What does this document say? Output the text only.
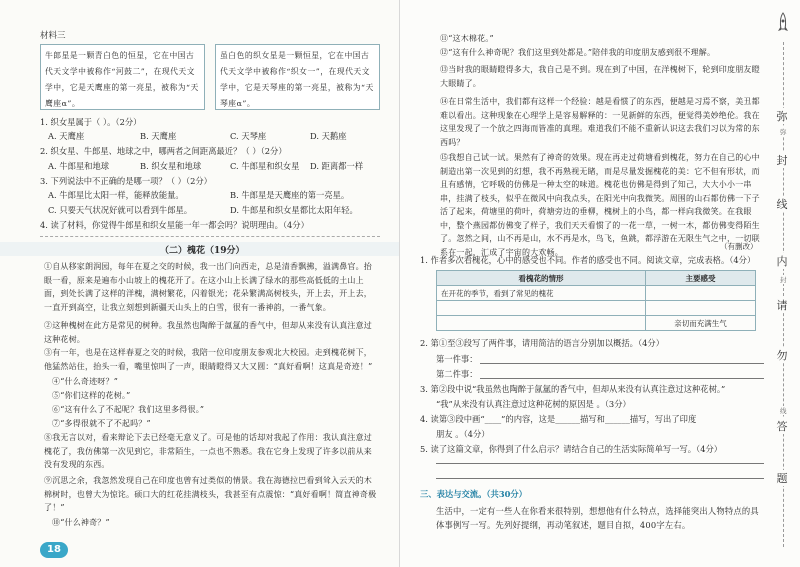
材料三
牛郎星是一颗青白色的恒星，它在中国古代天文学中被称作“河鼓二”，在现代天文学中，它是天鹰座的第一亮星，被称为“天鹰座α”。
虽白色的织女星是一颗恒星，它在中国古代天文学中被称作“织女一”，在现代天文学中，它是天琴座的第一亮星，被称为“天琴座α”。
1. 织女星属于（ ）。（2分）
A. 天鹰座	B. 天鹰座	C. 天琴座	D. 天鹅座
2. 织女星、牛郎星、地球之中，哪两者之间距离最近？（ ）（2分）
A. 牛郎星和地球	B. 织女星和地球	C. 牛郎星和织女星 D. 距离都一样
3. 下列说法中不正确的是哪一项？（ ）（2分）
A. 牛郎星比太阳一样，能释放能量。	B. 牛郎星是天鹰座的第一亮星。
C. 只要天气状况好就可以看到牛郎星。	D. 牛郎星和织女星都比太阳年轻。
4. 读了材料，你觉得牛郎星和织女星能一年一都会吗？说明理由。（4分）
（二）槐花（19分）
①自从移家朗润园，每年在夏之交的时候，我一出门向西走，总是清香飘拂，溢满鼻官。抬眼一看，原来是遍布小山坡上的槐花开了。在这小山上长满了绿水的那些高低低的土山上面，到处长满了这样的洋槐，满树繁花，闪着银光；花朵繁满高树枝头，开上去，开上去，一直开到高空，让我立刻想到新疆天山头上的白雪，很有一番神韵，一番气象。
②这种槐树在此方是常见的树种。我虽然也陶醉于氤氲的香气中，但却从来没有认真注意过这种花树。
③有一年，也是在这样春夏之交的时候，我陪一位印度朋友参观北大校园。走到槐花树下，他猛然站住，抬头一看，嘴里惊叫了一声，眼睛瞪得又大又圆：“真好看啊！这真是奇迹！”
④“什么奇迹呀？”
⑤“你们这样的花树。”
⑥“这有什么了不起呢？我们这里多得很。”
⑦“多得很就不了不起吗？”
⑧我无言以对，看来辩论下去已经毫无意义了。可是他的话却对我起了作用：我认真注意过槐花了，我仿佛第一次见到它，非常陌生，一点也不熟悉。我在它身上发现了许多以前从来没有发现的东西。
⑨沉思之余，我忽然发现自己在印度也曾有过类似的情景。我在海德拉巴看到耸入云天的木棉树时，也曾大为惊诧。硕口大的红花挂满枝头，我甚至有点震惊：“真好看啊！简直神奇极了！”
⑩“什么神奇？”
18
⑪“这木棉花。”
⑫“这有什么神奇呢？我们这里到处都是。”陪伴我的印度朋友感到很不理解。
⑬当时我的眼睛瞪得多大，我自己是不到。现在到了中国，在洋槐树下，轮到印度朋友瞪大眼睛了。
⑭在日常生活中，我们都有这样一个经验：越是看惯了的东西，便越是习焉不察，美丑都难以看出。这种现象在心理学上是容易解释的：一见新鲜的东西，便觉得美妙绝伦。我在这里发现了一个放之四海而皆准的真理。难道我们不能不重新认识这去我们习以为常的东西吗？
⑮我想自己试一试。果然有了神奇的效果。现在再走过荷塘看到槐花，努力在自己的心中制造出第一次见到的幻想，我不再熟视无睹，而是尽量发掘槐花的美：它不但有形状，而且有感情，它呼吸的仿佛是一种太空的味道。槐花也仿佛是得到了知己，大大小小一串串，挂满了枝头，似乎在微风中向我点头，在阳光中向我微笑。周围的山石都仿佛一下子活了起来，荷塘里的荷叶，荷塘旁边的垂柳，槐树上的小鸟，都一样向我微笑。在我眼中，整个燕园都仿佛变了样子，我们天天看惯了的一花一草，一树一木，都仿佛变得陌生了。忽然之间，山不再是山，水不再是水，鸟飞，鱼跳，都浮游在无限生气之中，一切联系在一起，汇成了宇宙的大欢畅。
（有删改）
1. 作者多次看槐花，心中的感受也不同。作者的感受也不同。阅读文章，完成表格。（4分）
看槐花的情形	主要感受
在开花的季节，看到了常见的槐花	

	亲切而充满生气
2. 第①至③段写了两件事，请用简洁的语言分别加以概括。（4分）
第一件事：
第二件事：
3. 第②段中说“我虽然也陶醉于氤氲的香气中，但却从来没有认真注意过这种花树。”
“我”从来没有认真注意过这种花树的原因是 。（3分）
4. 读第③段中画“____”的内容，这是______描写和______描写，写出了印度
朋友 。（4分）
5. 读了这篇文章，你得到了什么启示？请结合自己的生活实际简单写一写。（4分）
三、表达与交流。（共30分）
生活中，一定有一些人在你看来很特别，想想他有什么特点，选择能突出人物特点的具体事例写一写。先列好提纲，再动笔叙述，题目自拟，400字左右。
弥
弥
封
线
内
封
请
勿
线
答
题
